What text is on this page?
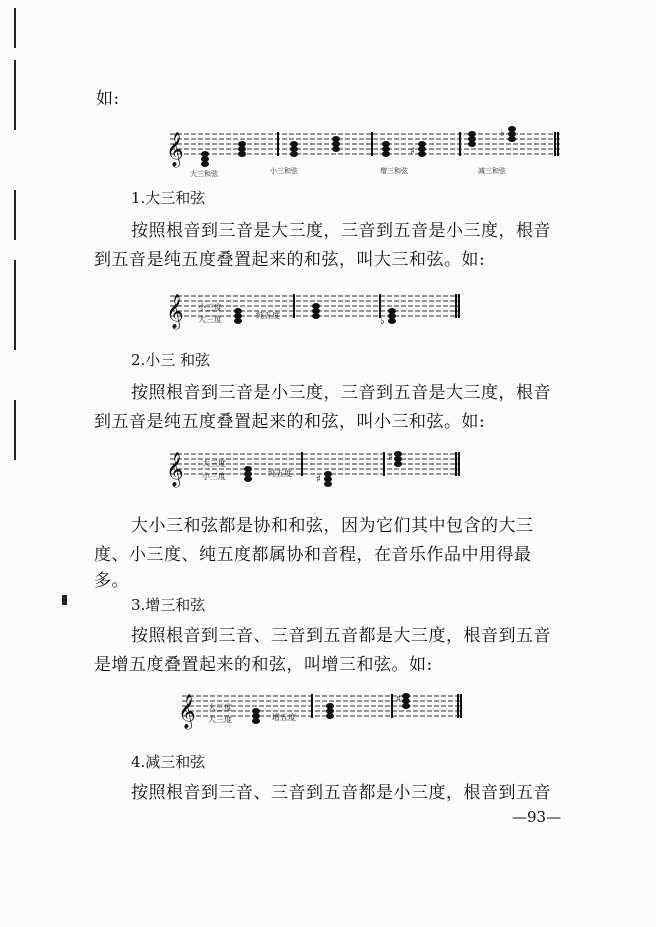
如:
𝄞	♯
♭
大三和弦	小三和弦	增三和弦	减三和弦
1.大三和弦
按照根音到三音是大三度，三音到五音是小三度，根音
到五音是纯五度叠置起来的和弦，叫大三和弦。如:
𝄞	♭
小三度
大三度	纯五度
2.小三 和弦
按照根音到三音是小三度，三音到五音是大三度，根音
到五音是纯五度叠置起来的和弦，叫小三和弦。如:
𝄞	♯
♯
大三度
小三度	纯五度
大小三和弦都是协和和弦，因为它们其中包含的大三
度、小三度、纯五度都属协和音程，在音乐作品中用得最
多。
3.增三和弦
按照根音到三音、三音到五音都是大三度，根音到五音
是增五度叠置起来的和弦，叫增三和弦。如:
𝄞	♯
大三度
大三度	增五度
4.减三和弦
按照根音到三音、三音到五音都是小三度，根音到五音
—93—
